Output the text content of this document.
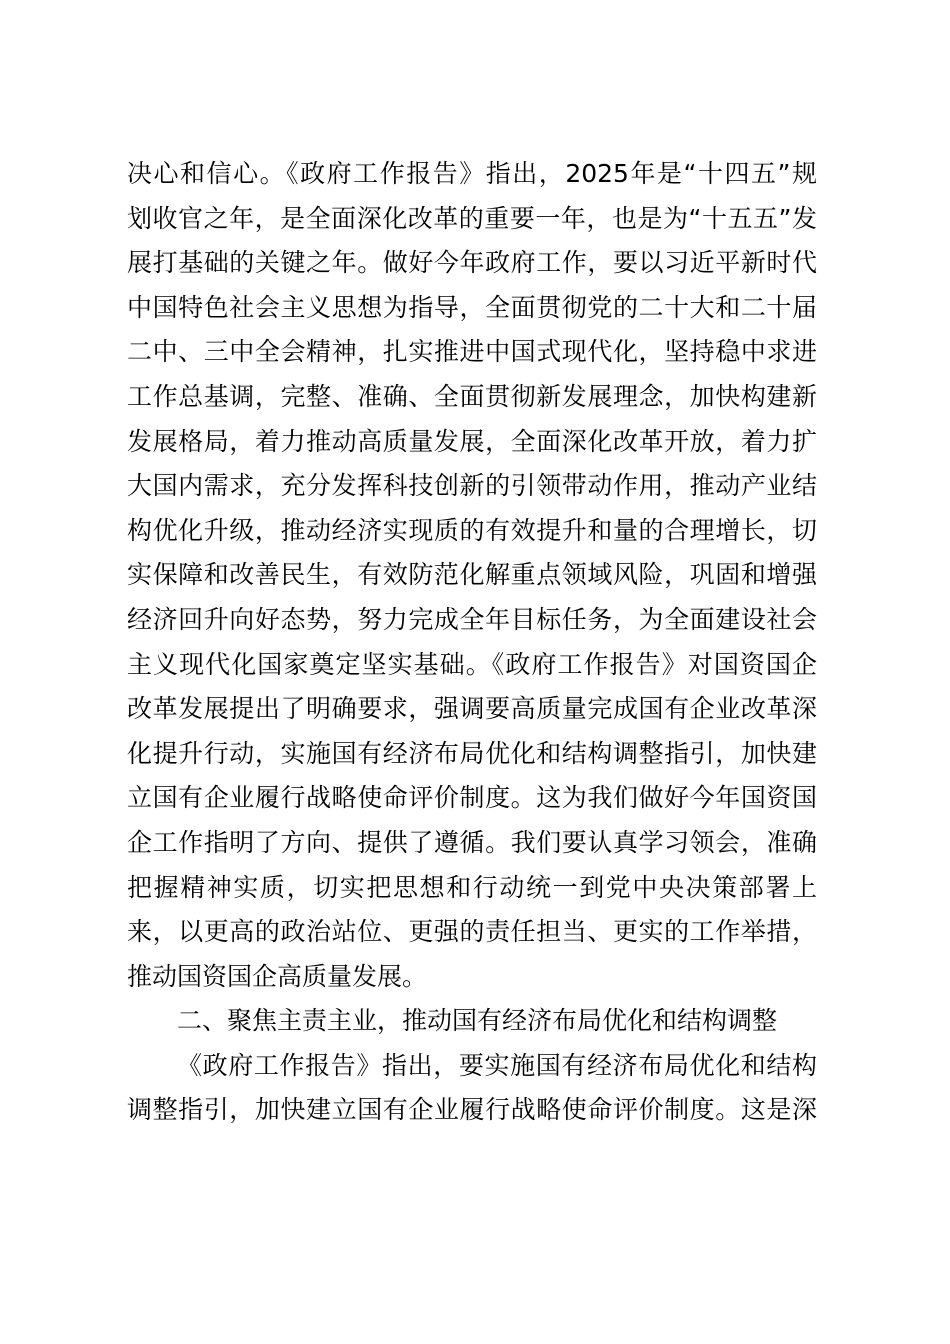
决心和信心。《政府工作报告》指出，2025年是“十四五”规
划收官之年，是全面深化改革的重要一年，也是为“十五五”发
展打基础的关键之年。做好今年政府工作，要以习近平新时代
中国特色社会主义思想为指导，全面贯彻党的二十大和二十届
二中、三中全会精神，扎实推进中国式现代化，坚持稳中求进
工作总基调，完整、准确、全面贯彻新发展理念，加快构建新
发展格局，着力推动高质量发展，全面深化改革开放，着力扩
大国内需求，充分发挥科技创新的引领带动作用，推动产业结
构优化升级，推动经济实现质的有效提升和量的合理增长，切
实保障和改善民生，有效防范化解重点领域风险，巩固和增强
经济回升向好态势，努力完成全年目标任务，为全面建设社会
主义现代化国家奠定坚实基础。《政府工作报告》对国资国企
改革发展提出了明确要求，强调要高质量完成国有企业改革深
化提升行动，实施国有经济布局优化和结构调整指引，加快建
立国有企业履行战略使命评价制度。这为我们做好今年国资国
企工作指明了方向、提供了遵循。我们要认真学习领会，准确
把握精神实质，切实把思想和行动统一到党中央决策部署上
来，以更高的政治站位、更强的责任担当、更实的工作举措，
推动国资国企高质量发展。
二、聚焦主责主业，推动国有经济布局优化和结构调整
《政府工作报告》指出，要实施国有经济布局优化和结构
调整指引，加快建立国有企业履行战略使命评价制度。这是深
